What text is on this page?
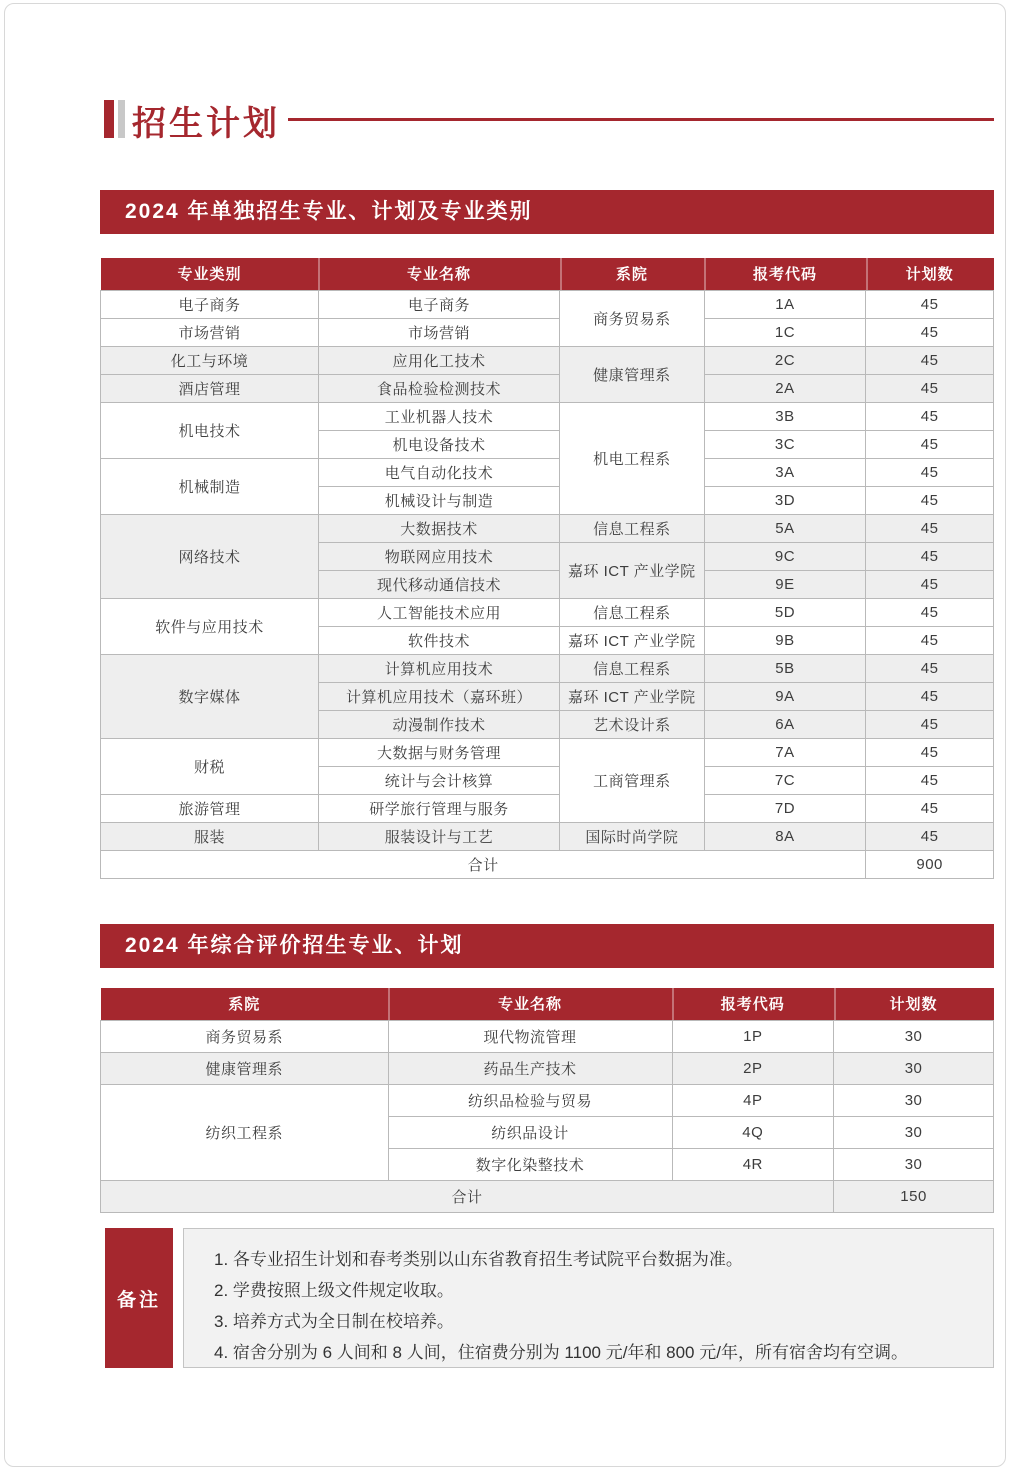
招生计划
2024 年单独招生专业、计划及专业类别
专业类别	专业名称	系院	报考代码	计划数
电子商务	电子商务	商务贸易系	1A	45
市场营销	市场营销		1C	45
化工与环境	应用化工技术	健康管理系	2C	45
酒店管理	食品检验检测技术		2A	45
机电技术	工业机器人技术	机电工程系	3B	45
	机电设备技术		3C	45
机械制造	电气自动化技术		3A	45
	机械设计与制造		3D	45
网络技术	大数据技术	信息工程系	5A	45
	物联网应用技术	嘉环 ICT 产业学院	9C	45
	现代移动通信技术		9E	45
软件与应用技术	人工智能技术应用	信息工程系	5D	45
	软件技术	嘉环 ICT 产业学院	9B	45
数字媒体	计算机应用技术	信息工程系	5B	45
	计算机应用技术（嘉环班）	嘉环 ICT 产业学院	9A	45
	动漫制作技术	艺术设计系	6A	45
财税	大数据与财务管理	工商管理系	7A	45
	统计与会计核算		7C	45
旅游管理	研学旅行管理与服务		7D	45
服装	服装设计与工艺	国际时尚学院	8A	45
合计				900
2024 年综合评价招生专业、计划
系院	专业名称	报考代码	计划数
商务贸易系	现代物流管理	1P	30
健康管理系	药品生产技术	2P	30
纺织工程系	纺织品检验与贸易	4P	30
	纺织品设计	4Q	30
	数字化染整技术	4R	30
合计			150
备注
1. 各专业招生计划和春考类别以山东省教育招生考试院平台数据为准。
2. 学费按照上级文件规定收取。
3. 培养方式为全日制在校培养。
4. 宿舍分别为 6 人间和 8 人间，住宿费分别为 1100 元/年和 800 元/年，所有宿舍均有空调。
